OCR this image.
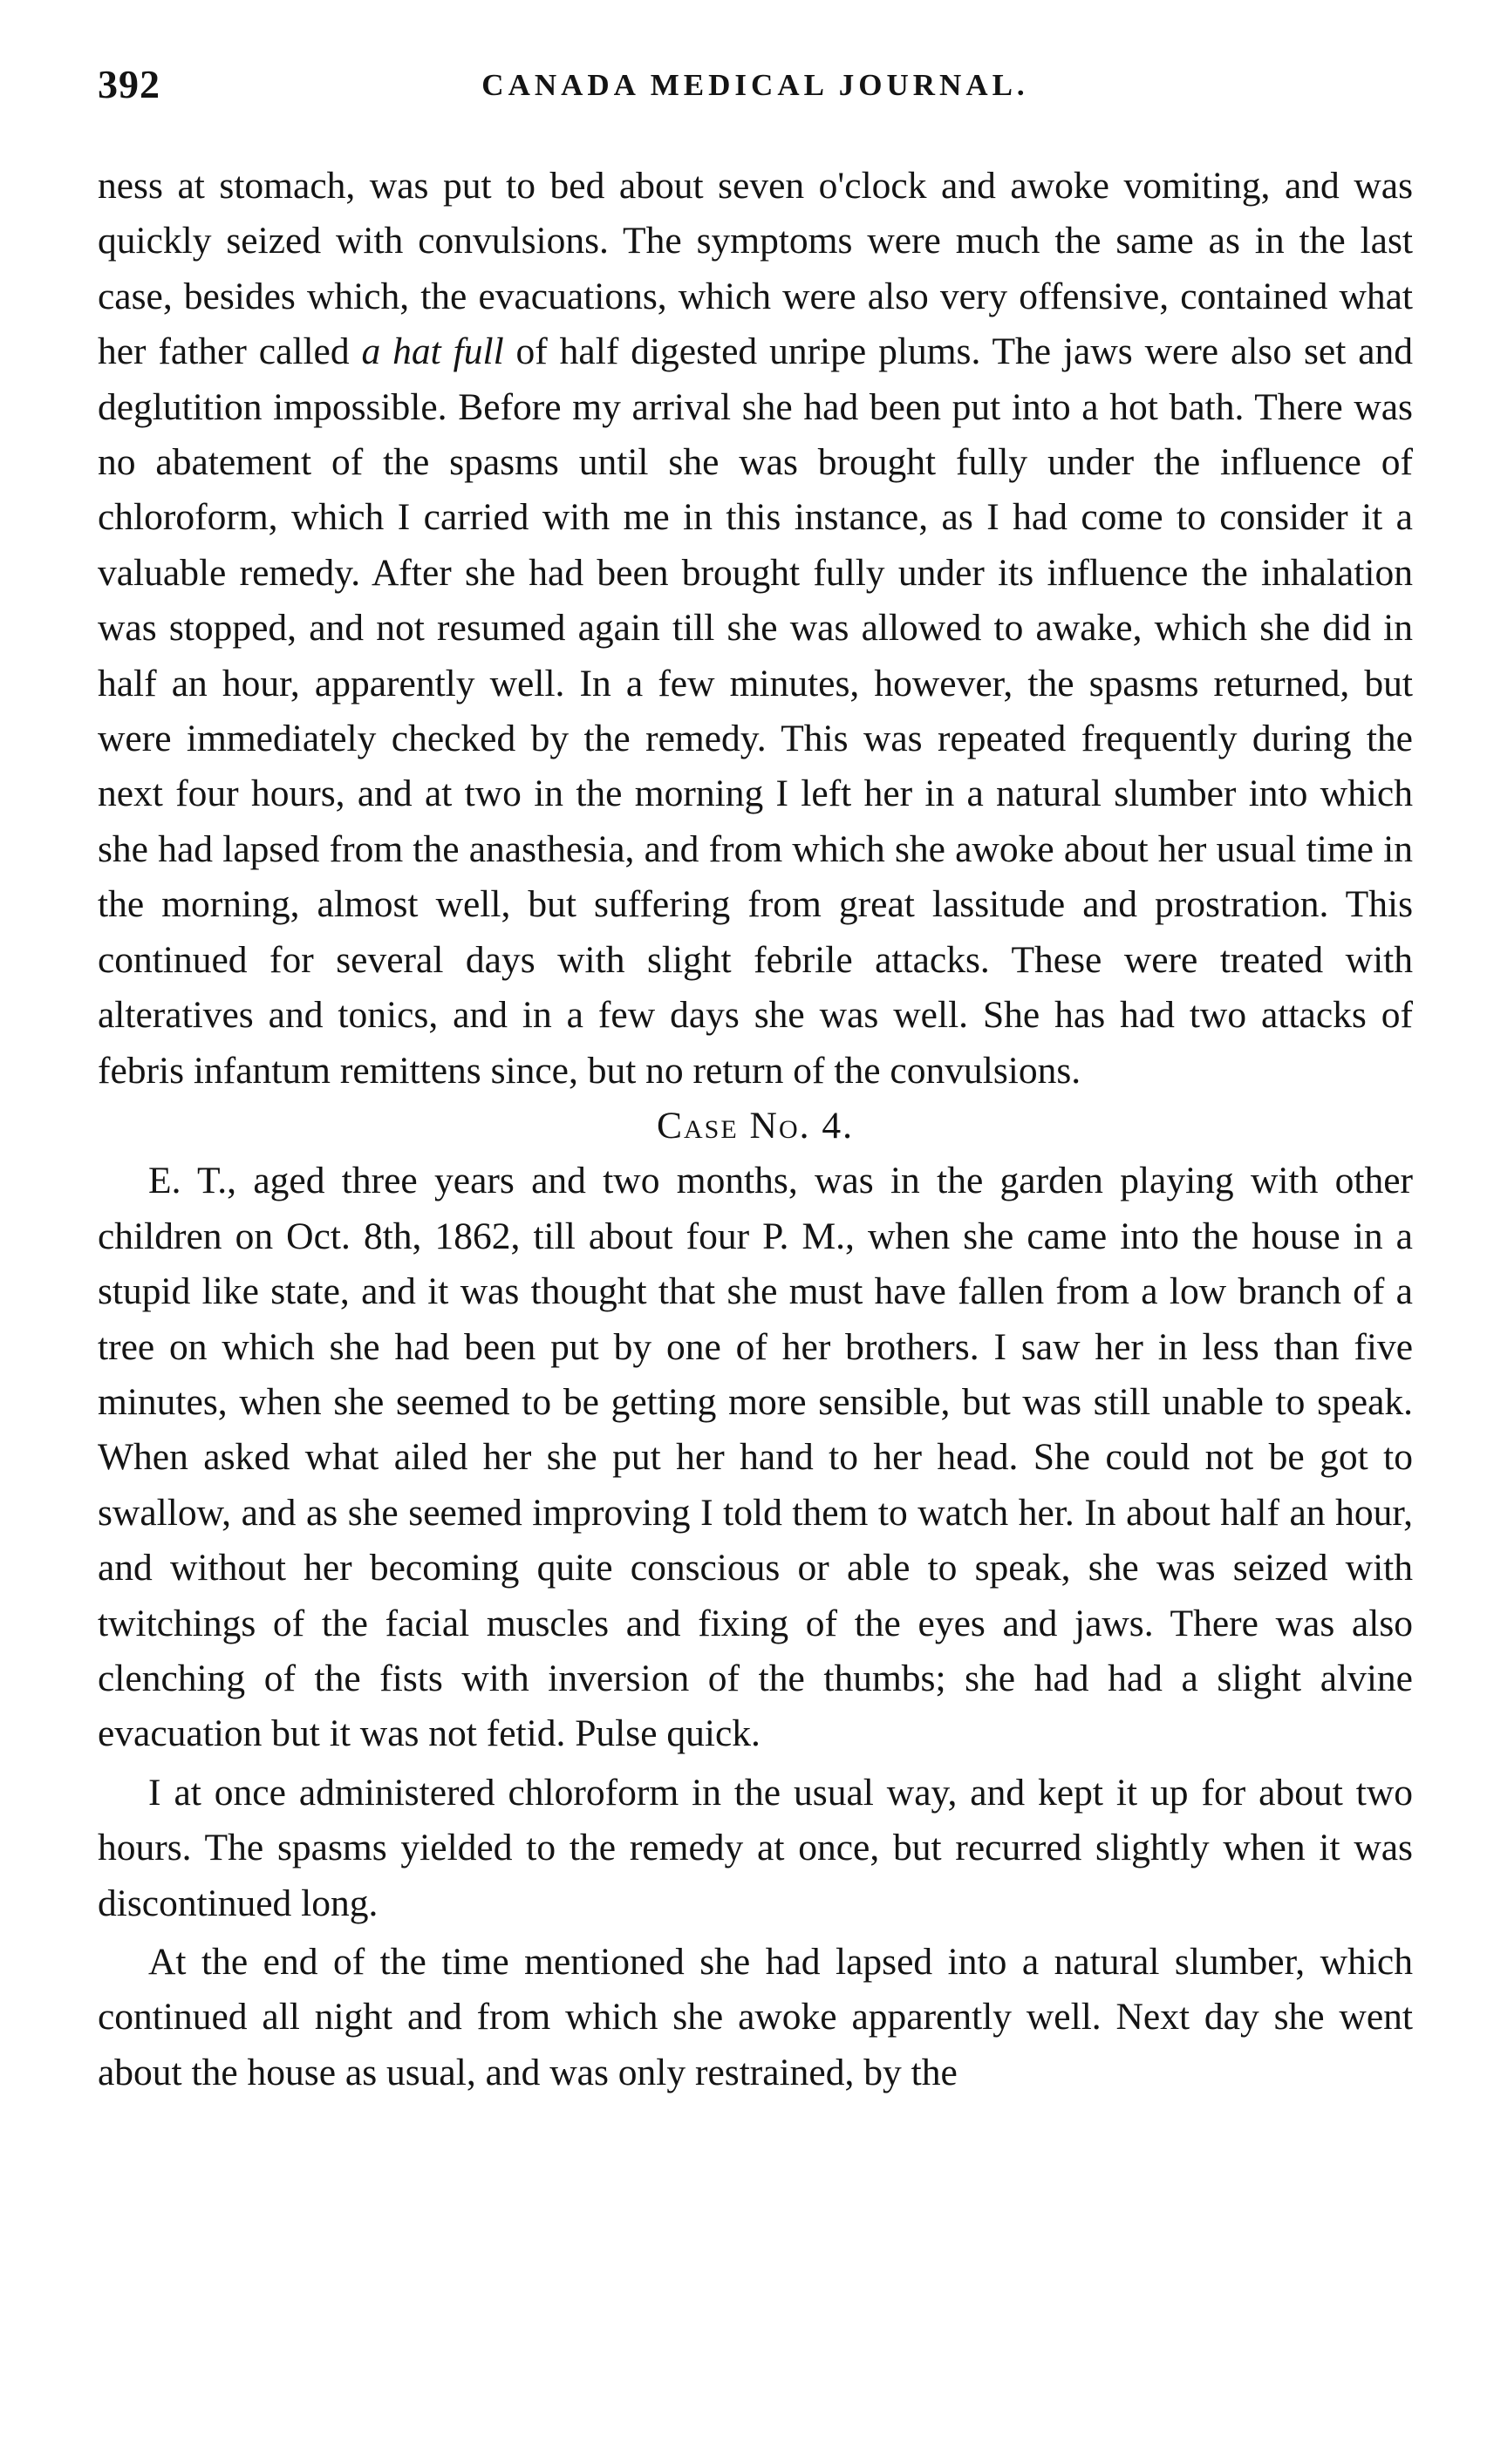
392	CANADA MEDICAL JOURNAL.

ness at stomach, was put to bed about seven o'clock and awoke vomiting, and was quickly seized with convulsions. The symptoms were much the same as in the last case, besides which, the evacuations, which were also very offensive, contained what her father called a hat full of half digested unripe plums. The jaws were also set and deglutition impossible. Before my arrival she had been put into a hot bath. There was no abatement of the spasms until she was brought fully under the influence of chloroform, which I carried with me in this instance, as I had come to consider it a valuable remedy. After she had been brought fully under its influence the inhalation was stopped, and not resumed again till she was allowed to awake, which she did in half an hour, apparently well. In a few minutes, however, the spasms returned, but were immediately checked by the remedy. This was repeated frequently during the next four hours, and at two in the morning I left her in a natural slumber into which she had lapsed from the anasthesia, and from which she awoke about her usual time in the morning, almost well, but suffering from great lassitude and prostration. This continued for several days with slight febrile attacks. These were treated with alteratives and tonics, and in a few days she was well. She has had two attacks of febris infantum remittens since, but no return of the convulsions.

Case No. 4.

E. T., aged three years and two months, was in the garden playing with other children on Oct. 8th, 1862, till about four P. M., when she came into the house in a stupid like state, and it was thought that she must have fallen from a low branch of a tree on which she had been put by one of her brothers. I saw her in less than five minutes, when she seemed to be getting more sensible, but was still unable to speak. When asked what ailed her she put her hand to her head. She could not be got to swallow, and as she seemed improving I told them to watch her. In about half an hour, and without her becoming quite conscious or able to speak, she was seized with twitchings of the facial muscles and fixing of the eyes and jaws. There was also clenching of the fists with inversion of the thumbs; she had had a slight alvine evacuation but it was not fetid. Pulse quick.

I at once administered chloroform in the usual way, and kept it up for about two hours. The spasms yielded to the remedy at once, but recurred slightly when it was discontinued long.

At the end of the time mentioned she had lapsed into a natural slumber, which continued all night and from which she awoke apparently well. Next day she went about the house as usual, and was only restrained, by the
